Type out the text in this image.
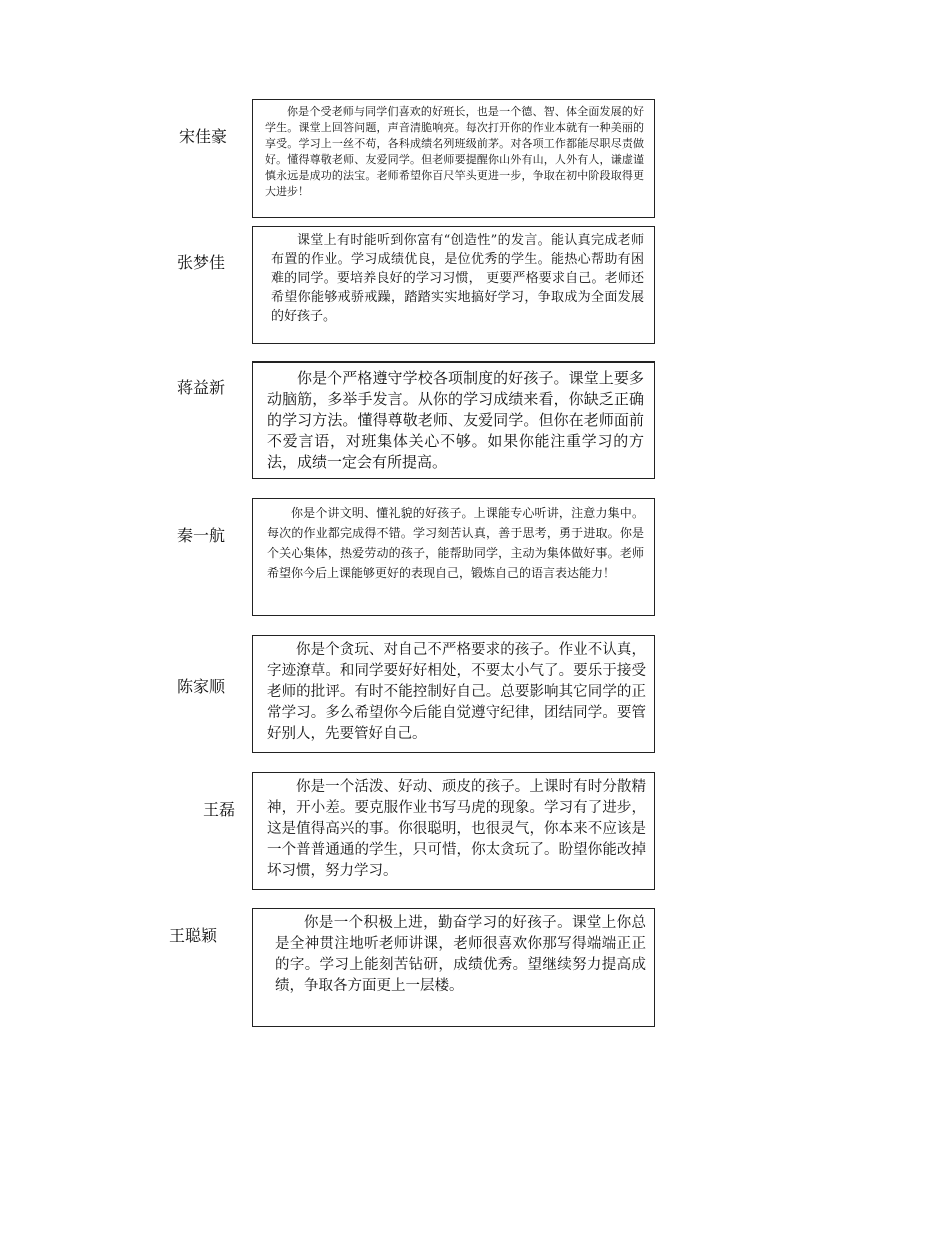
宋佳豪

你是个受老师与同学们喜欢的好班长，也是一个德、智、体全面发展的好学生。课堂上回答问题，声音清脆响亮。每次打开你的作业本就有一种美丽的享受。学习上一丝不苟，各科成绩名列班级前茅。对各项工作都能尽职尽责做好。懂得尊敬老师、友爱同学。但老师要提醒你山外有山，人外有人，谦虚谨慎永远是成功的法宝。老师希望你百尺竿头更进一步，争取在初中阶段取得更大进步！

张梦佳

课堂上有时能听到你富有“创造性”的发言。能认真完成老师布置的作业。学习成绩优良，是位优秀的学生。能热心帮助有困难的同学。要培养良好的学习习惯， 更要严格要求自己。老师还希望你能够戒骄戒躁，踏踏实实地搞好学习，争取成为全面发展的好孩子。

蒋益新	你是个严格遵守学校各项制度的好孩子。课堂上要多动脑筋，多举手发言。从你的学习成绩来看，你缺乏正确的学习方法。懂得尊敬老师、友爱同学。但你在老师面前不爱言语，对班集体关心不够。如果你能注重学习的方法，成绩一定会有所提高。

秦一航

你是个讲文明、懂礼貌的好孩子。上课能专心听讲，注意力集中。每次的作业都完成得不错。学习刻苦认真，善于思考，勇于进取。你是个关心集体，热爱劳动的孩子，能帮助同学，主动为集体做好事。老师希望你今后上课能够更好的表现自己，锻炼自己的语言表达能力！

陈家顺

你是个贪玩、对自己不严格要求的孩子。作业不认真，字迹潦草。和同学要好好相处，不要太小气了。要乐于接受老师的批评。有时不能控制好自己。总要影响其它同学的正常学习。多么希望你今后能自觉遵守纪律，团结同学。要管好别人，先要管好自己。

王磊

你是一个活泼、好动、顽皮的孩子。上课时有时分散精神，开小差。要克服作业书写马虎的现象。学习有了进步，这是值得高兴的事。你很聪明，也很灵气，你本来不应该是一个普普通通的学生，只可惜，你太贪玩了。盼望你能改掉坏习惯，努力学习。

王聪颖

你是一个积极上进，勤奋学习的好孩子。课堂上你总是全神贯注地听老师讲课，老师很喜欢你那写得端端正正的字。学习上能刻苦钻研，成绩优秀。望继续努力提高成绩，争取各方面更上一层楼。
